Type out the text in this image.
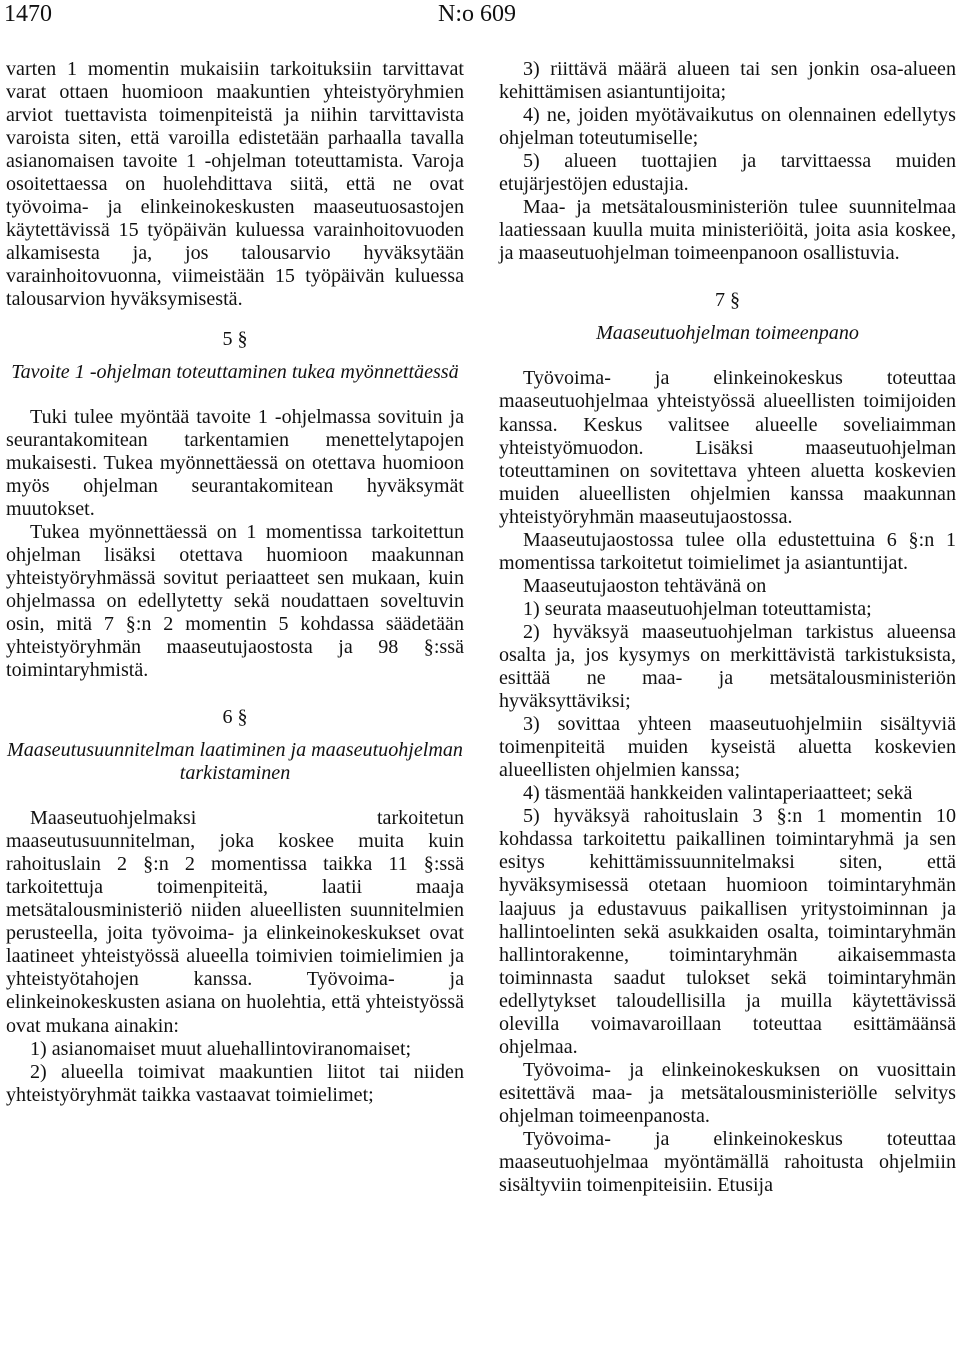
1470	N:o 609

varten 1 momentin mukaisiin tarkoituksiin tarvittavat varat ottaen huomioon maakuntien yhteistyöryhmien arviot tuettavista toimenpiteistä ja niihin tarvittavista varoista siten, että varoilla edistetään parhaalla tavalla asianomaisen tavoite 1 -ohjelman toteuttamista. Varoja osoitettaessa on huolehdittava siitä, että ne ovat työvoima- ja elinkeinokeskusten maaseutuosastojen käytettävissä 15 työpäivän kuluessa varainhoitovuoden alkamisesta ja, jos talousarvio hyväksytään varainhoitovuonna, viimeistään 15 työpäivän kuluessa talousarvion hyväksymisestä.

5 §
Tavoite 1 -ohjelman toteuttaminen tukea myönnettäessä

Tuki tulee myöntää tavoite 1 -ohjelmassa sovituin ja seurantakomitean tarkentamien menettelytapojen mukaisesti. Tukea myönnettäessä on otettava huomioon myös ohjelman seurantakomitean hyväksymät muutokset.

Tukea myönnettäessä on 1 momentissa tarkoitettun ohjelman lisäksi otettava huomioon maakunnan yhteistyöryhmässä sovitut periaatteet sen mukaan, kuin ohjelmassa on edellytetty sekä noudattaen soveltuvin osin, mitä 7 §:n 2 momentin 5 kohdassa säädetään yhteistyöryhmän maaseutujaostosta ja 98 §:ssä toimintaryhmistä.

6 §
Maaseutusuunnitelman laatiminen ja maaseutuohjelman tarkistaminen

Maaseutuohjelmaksi tarkoitetun maaseutusuunnitelman, joka koskee muita kuin rahoituslain 2 §:n 2 momentissa taikka 11 §:ssä tarkoitettuja toimenpiteitä, laatii maaja metsätalousministeriö niiden alueellisten suunnitelmien perusteella, joita työvoima- ja elinkeinokeskukset ovat laatineet yhteistyössä alueella toimivien toimielimien ja yhteistyötahojen kanssa. Työvoima- ja elinkeinokeskusten asiana on huolehtia, että yhteistyössä ovat mukana ainakin:

1) asianomaiset muut aluehallintoviranomaiset;

2) alueella toimivat maakuntien liitot tai niiden yhteistyöryhmät taikka vastaavat toimielimet;

3) riittävä määrä alueen tai sen jonkin osa-alueen kehittämisen asiantuntijoita;

4) ne, joiden myötävaikutus on olennainen edellytys ohjelman toteutumiselle;

5) alueen tuottajien ja tarvittaessa muiden etujärjestöjen edustajia.

Maa- ja metsätalousministeriön tulee suunnitelmaa laatiessaan kuulla muita ministeriöitä, joita asia koskee, ja maaseutuohjelman toimeenpanoon osallistuvia.

7 §
Maaseutuohjelman toimeenpano

Työvoima- ja elinkeinokeskus toteuttaa maaseutuohjelmaa yhteistyössä alueellisten toimijoiden kanssa. Keskus valitsee alueelle soveliaimman yhteistyömuodon. Lisäksi maaseutuohjelman toteuttaminen on sovitettava yhteen aluetta koskevien muiden alueellisten ohjelmien kanssa maakunnan yhteistyöryhmän maaseutujaostossa.

Maaseutujaostossa tulee olla edustettuina 6 §:n 1 momentissa tarkoitetut toimielimet ja asiantuntijat.

Maaseutujaoston tehtävänä on

1) seurata maaseutuohjelman toteuttamista;

2) hyväksyä maaseutuohjelman tarkistus alueensa osalta ja, jos kysymys on merkittävistä tarkistuksista, esittää ne maa- ja metsätalousministeriön hyväksyttäviksi;

3) sovittaa yhteen maaseutuohjelmiin sisältyviä toimenpiteitä muiden kyseistä aluetta koskevien alueellisten ohjelmien kanssa;

4) täsmentää hankkeiden valintaperiaatteet; sekä

5) hyväksyä rahoituslain 3 §:n 1 momentin 10 kohdassa tarkoitettu paikallinen toimintaryhmä ja sen esitys kehittämissuunnitelmaksi siten, että hyväksymisessä otetaan huomioon toimintaryhmän laajuus ja edustavuus paikallisen yritystoiminnan ja hallintoelinten sekä asukkaiden osalta, toimintaryhmän hallintorakenne, toimintaryhmän aikaisemmasta toiminnasta saadut tulokset sekä toimintaryhmän edellytykset taloudellisilla ja muilla käytettävissä olevilla voimavaroillaan toteuttaa esittämäänsä ohjelmaa.

Työvoima- ja elinkeinokeskuksen on vuosittain esitettävä maa- ja metsätalousministeriölle selvitys ohjelman toimeenpanosta.

Työvoima- ja elinkeinokeskus toteuttaa maaseutuohjelmaa myöntämällä rahoitusta ohjelmiin sisältyviin toimenpiteisiin. Etusija
